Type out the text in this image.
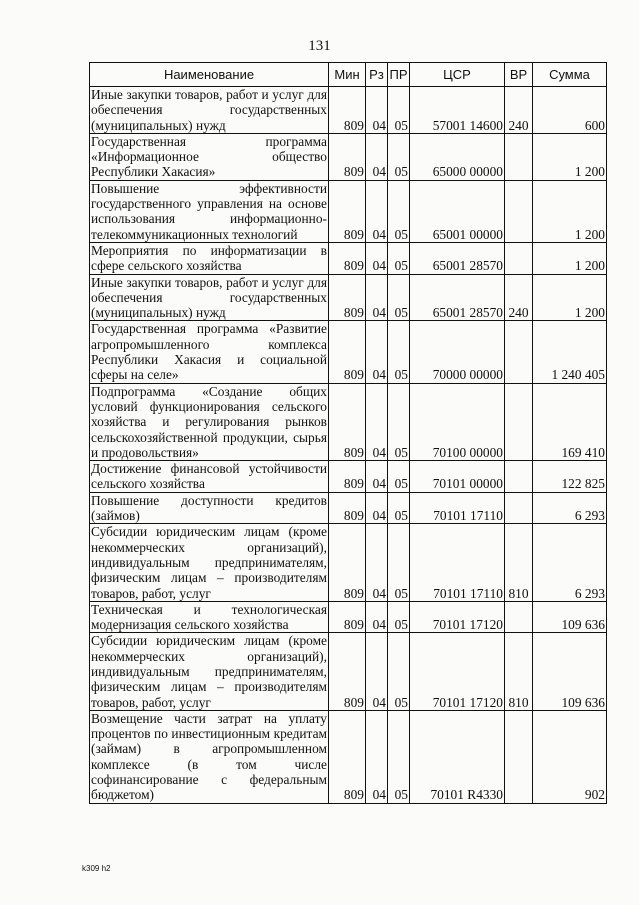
131
Наименование	Мин	Рз	ПР	ЦСР	ВР	Сумма
Иные закупки товаров, работ и услуг для обеспечения государственных (муниципальных) нужд	809	04	05	57001 14600	240	600
Государственная программа «Информационное общество Республики Хакасия»	809	04	05	65000 00000		1 200
Повышение эффективности государственного управления на основе использования информационно-телекоммуникационных технологий	809	04	05	65001 00000		1 200
Мероприятия по информатизации в сфере сельского хозяйства	809	04	05	65001 28570		1 200
Иные закупки товаров, работ и услуг для обеспечения государственных (муниципальных) нужд	809	04	05	65001 28570	240	1 200
Государственная программа «Развитие агропромышленного комплекса Республики Хакасия и социальной сферы на селе»	809	04	05	70000 00000		1 240 405
Подпрограмма «Создание общих условий функционирования сельского хозяйства и регулирования рынков сельскохозяйственной продукции, сырья и продовольствия»	809	04	05	70100 00000		169 410
Достижение финансовой устойчивости сельского хозяйства	809	04	05	70101 00000		122 825
Повышение доступности кредитов (займов)	809	04	05	70101 17110		6 293
Субсидии юридическим лицам (кроме некоммерческих организаций), индивидуальным предпринимателям, физическим лицам – производителям товаров, работ, услуг	809	04	05	70101 17110	810	6 293
Техническая и технологическая модернизация сельского хозяйства	809	04	05	70101 17120		109 636
Субсидии юридическим лицам (кроме некоммерческих организаций), индивидуальным предпринимателям, физическим лицам – производителям товаров, работ, услуг	809	04	05	70101 17120	810	109 636
Возмещение части затрат на уплату процентов по инвестиционным кредитам (займам) в агропромышленном комплексе (в том числе софинансирование с федеральным бюджетом)	809	04	05	70101 R4330		902
k309 h2
